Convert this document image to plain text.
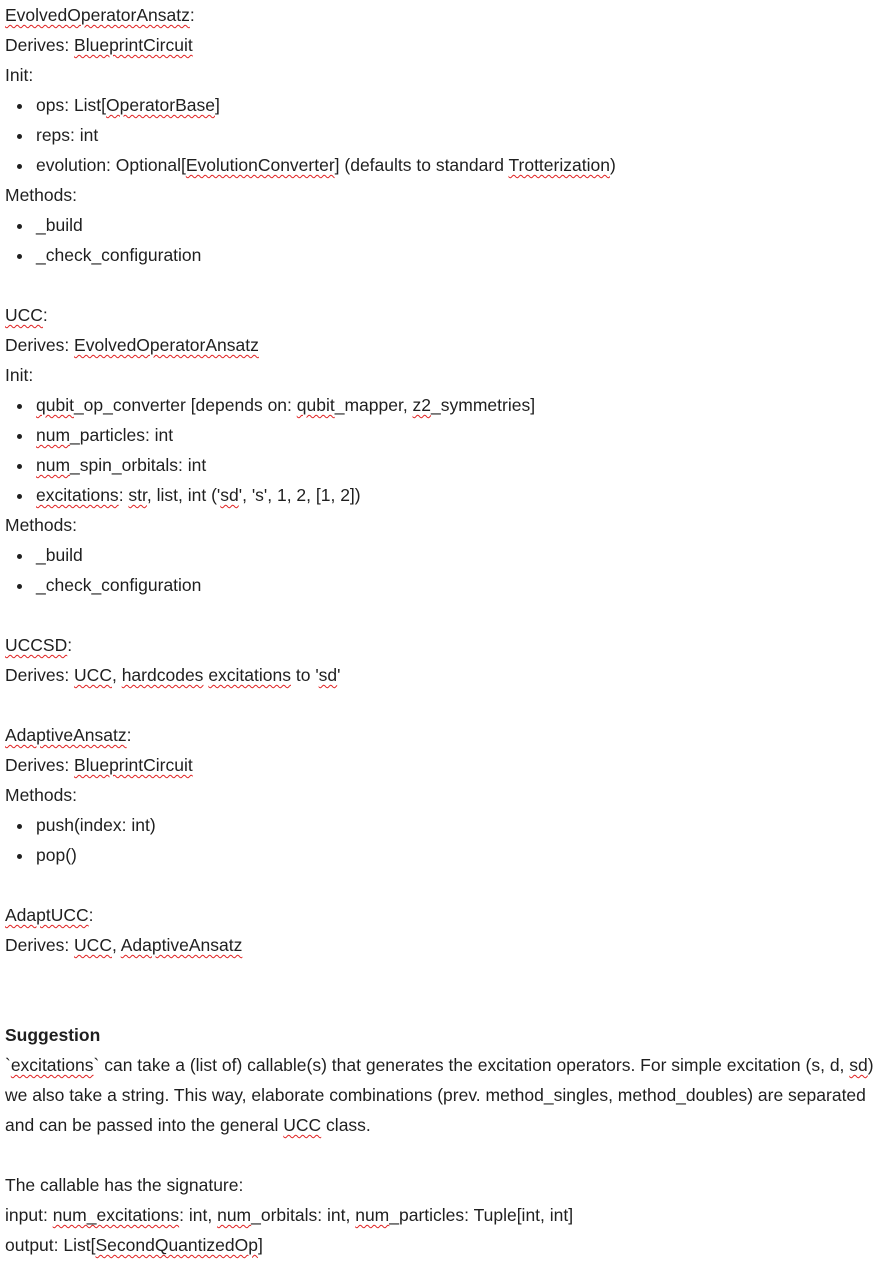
EvolvedOperatorAnsatz:
Derives: BlueprintCircuit
Init:
ops: List[OperatorBase]
reps: int
evolution: Optional[EvolutionConverter] (defaults to standard Trotterization)
Methods:
_build
_check_configuration
UCC:
Derives: EvolvedOperatorAnsatz
Init:
qubit_op_converter [depends on: qubit_mapper, z2_symmetries]
num_particles: int
num_spin_orbitals: int
excitations: str, list, int ('sd', 's', 1, 2, [1, 2])
Methods:
_build
_check_configuration
UCCSD:
Derives: UCC, hardcodes excitations to 'sd'
AdaptiveAnsatz:
Derives: BlueprintCircuit
Methods:
push(index: int)
pop()
AdaptUCC:
Derives: UCC, AdaptiveAnsatz
Suggestion
`excitations` can take a (list of) callable(s) that generates the excitation operators. For simple excitation (s, d, sd) we also take a string. This way, elaborate combinations (prev. method_singles, method_doubles) are separated and can be passed into the general UCC class.
The callable has the signature:
input: num_excitations: int, num_orbitals: int, num_particles: Tuple[int, int]
output: List[SecondQuantizedOp]
